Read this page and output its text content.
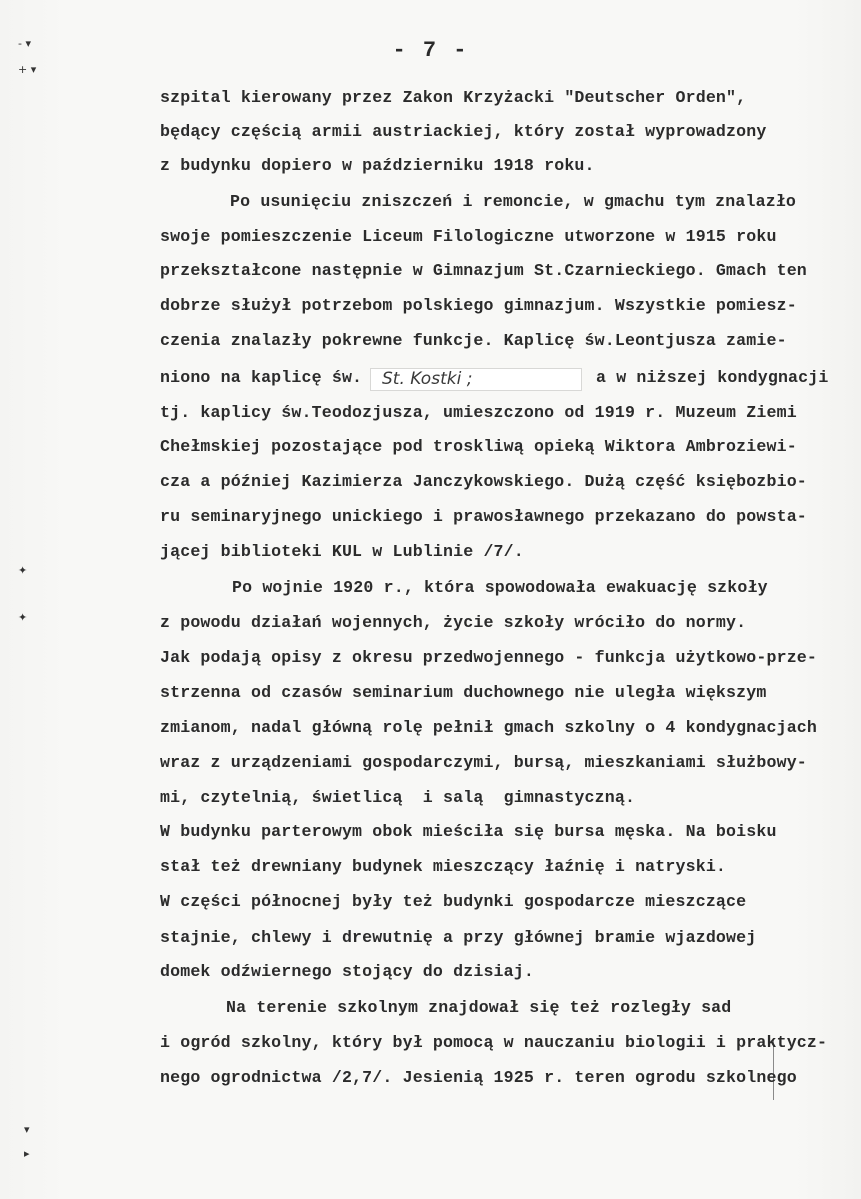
- 7 -
- ▾
+ ▾
✦
✦
▾
▸
szpital kierowany przez Zakon Krzyżacki "Deutscher Orden",
będący częścią armii austriackiej, który został wyprowadzony
z budynku dopiero w październiku 1918 roku.
Po usunięciu zniszczeń i remoncie, w gmachu tym znalazło
swoje pomieszczenie Liceum Filologiczne utworzone w 1915 roku
przekształcone następnie w Gimnazjum St.Czarnieckiego. Gmach ten
dobrze służył potrzebom polskiego gimnazjum. Wszystkie pomiesz-
czenia znalazły pokrewne funkcje. Kaplicę św.Leontjusza zamie-
niono na kaplicę św. St. Kostki ;	a w niższej kondygnacji
tj. kaplicy św.Teodozjusza, umieszczono od 1919 r. Muzeum Ziemi
Chełmskiej pozostające pod troskliwą opieką Wiktora Ambroziewi-
cza a później Kazimierza Janczykowskiego. Dużą część księbozbio-
ru seminaryjnego unickiego i prawosławnego przekazano do powsta-
jącej biblioteki KUL w Lublinie /7/.
Po wojnie 1920 r., która spowodowała ewakuację szkoły
z powodu działań wojennych, życie szkoły wróciło do normy.
Jak podają opisy z okresu przedwojennego - funkcja użytkowo-prze-
strzenna od czasów seminarium duchownego nie uległa większym
zmianom, nadal główną rolę pełnił gmach szkolny o 4 kondygnacjach
wraz z urządzeniami gospodarczymi, bursą, mieszkaniami służbowy-
mi, czytelnią, świetlicą  i salą  gimnastyczną.
W budynku parterowym obok mieściła się bursa męska. Na boisku
stał też drewniany budynek mieszczący łaźnię i natryski.
W części północnej były też budynki gospodarcze mieszczące
stajnie, chlewy i drewutnię a przy głównej bramie wjazdowej
domek odźwiernego stojący do dzisiaj.
Na terenie szkolnym znajdował się też rozległy sad
i ogród szkolny, który był pomocą w nauczaniu biologii i praktycz-
nego ogrodnictwa /2,7/. Jesienią 1925 r. teren ogrodu szkolnego
